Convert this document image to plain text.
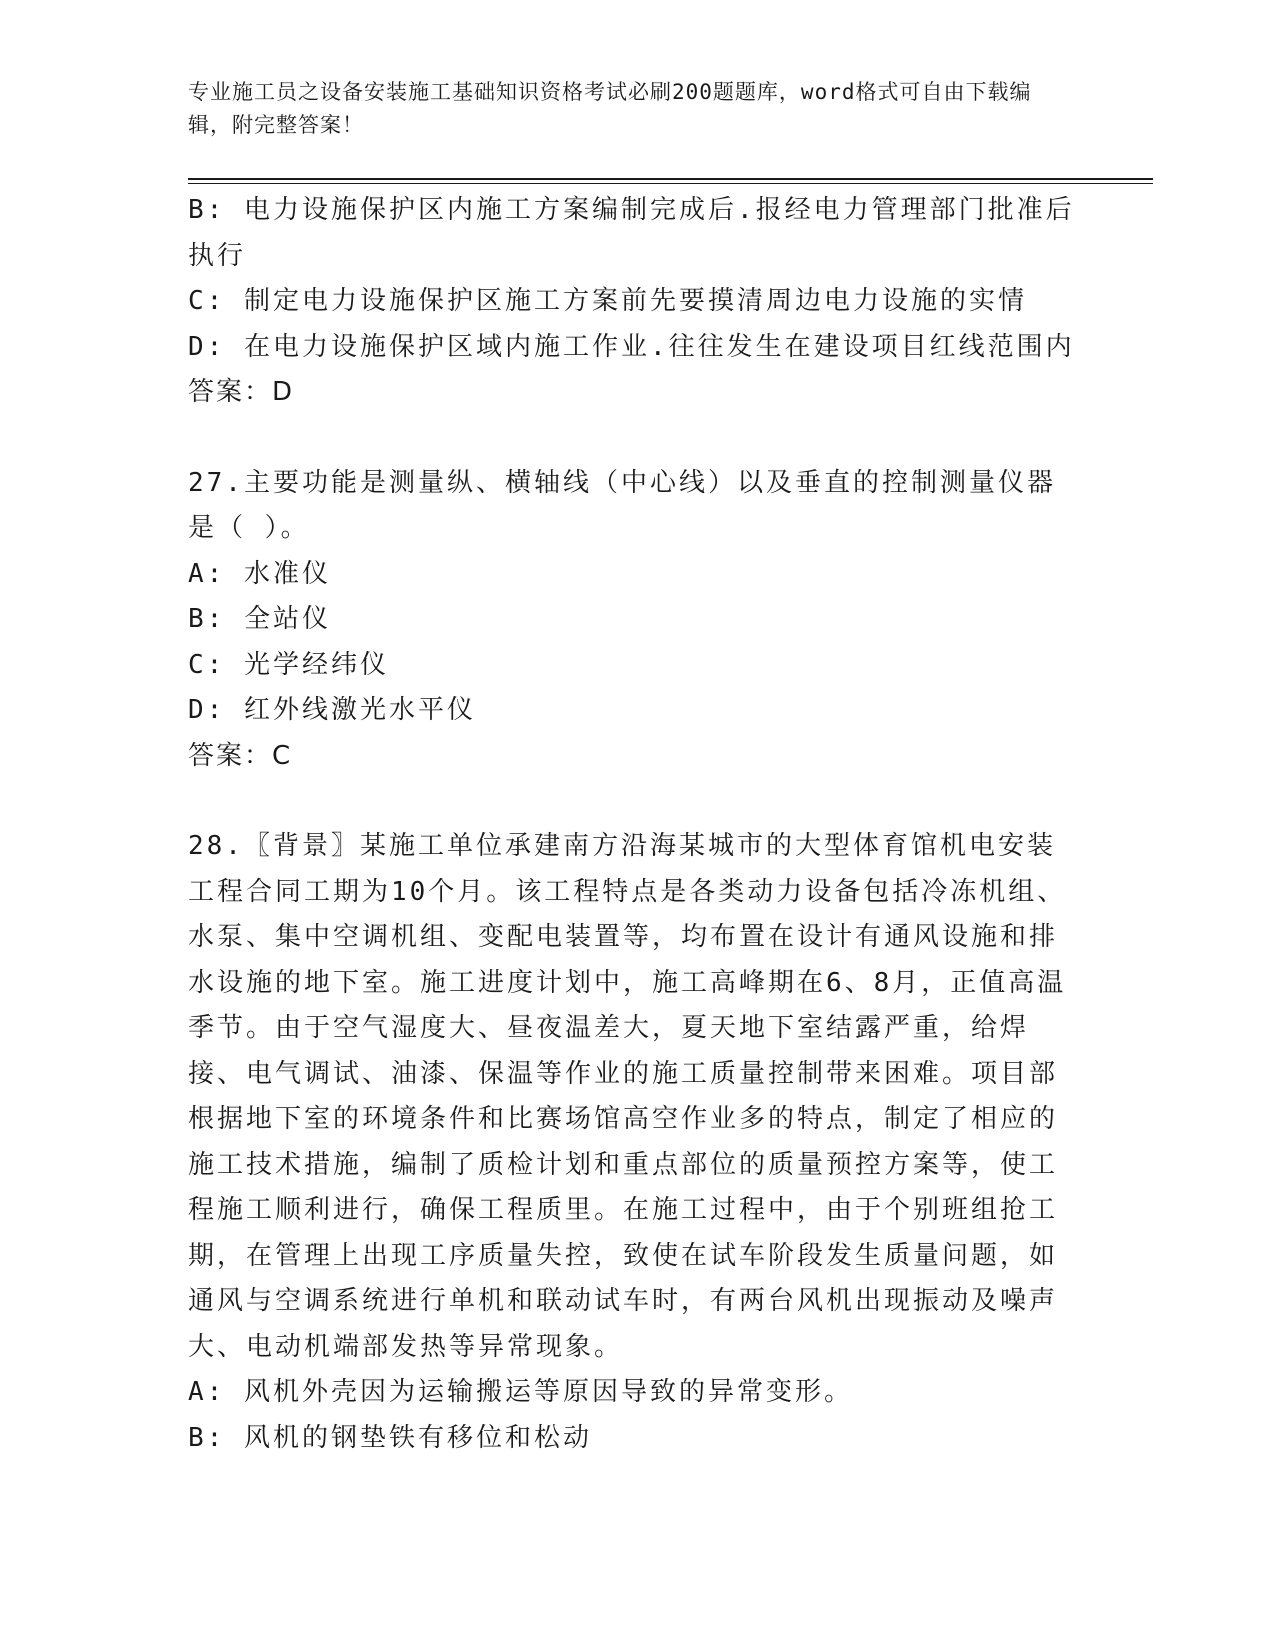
专业施工员之设备安装施工基础知识资格考试必刷200题题库，word格式可自由下载编辑，附完整答案！
B: 电力设施保护区内施工方案编制完成后.报经电力管理部门批准后执行
C: 制定电力设施保护区施工方案前先要摸清周边电力设施的实情
D: 在电力设施保护区域内施工作业.往往发生在建设项目红线范围内
答案：D
27.主要功能是测量纵、横轴线（中心线）以及垂直的控制测量仪器是（ ）。
A: 水准仪
B: 全站仪
C: 光学经纬仪
D: 红外线激光水平仪
答案：C
28.〖背景〗某施工单位承建南方沿海某城市的大型体育馆机电安装工程合同工期为10个月。该工程特点是各类动力设备包括冷冻机组、水泵、集中空调机组、变配电装置等，均布置在设计有通风设施和排水设施的地下室。施工进度计划中，施工高峰期在6、8月，正值高温季节。由于空气湿度大、昼夜温差大，夏天地下室结露严重，给焊接、电气调试、油漆、保温等作业的施工质量控制带来困难。项目部根据地下室的环境条件和比赛场馆高空作业多的特点，制定了相应的施工技术措施，编制了质检计划和重点部位的质量预控方案等，使工程施工顺利进行，确保工程质里。在施工过程中，由于个别班组抢工期，在管理上出现工序质量失控，致使在试车阶段发生质量问题，如通风与空调系统进行单机和联动试车时，有两台风机出现振动及噪声大、电动机端部发热等异常现象。
A: 风机外壳因为运输搬运等原因导致的异常变形。
B: 风机的钢垫铁有移位和松动
